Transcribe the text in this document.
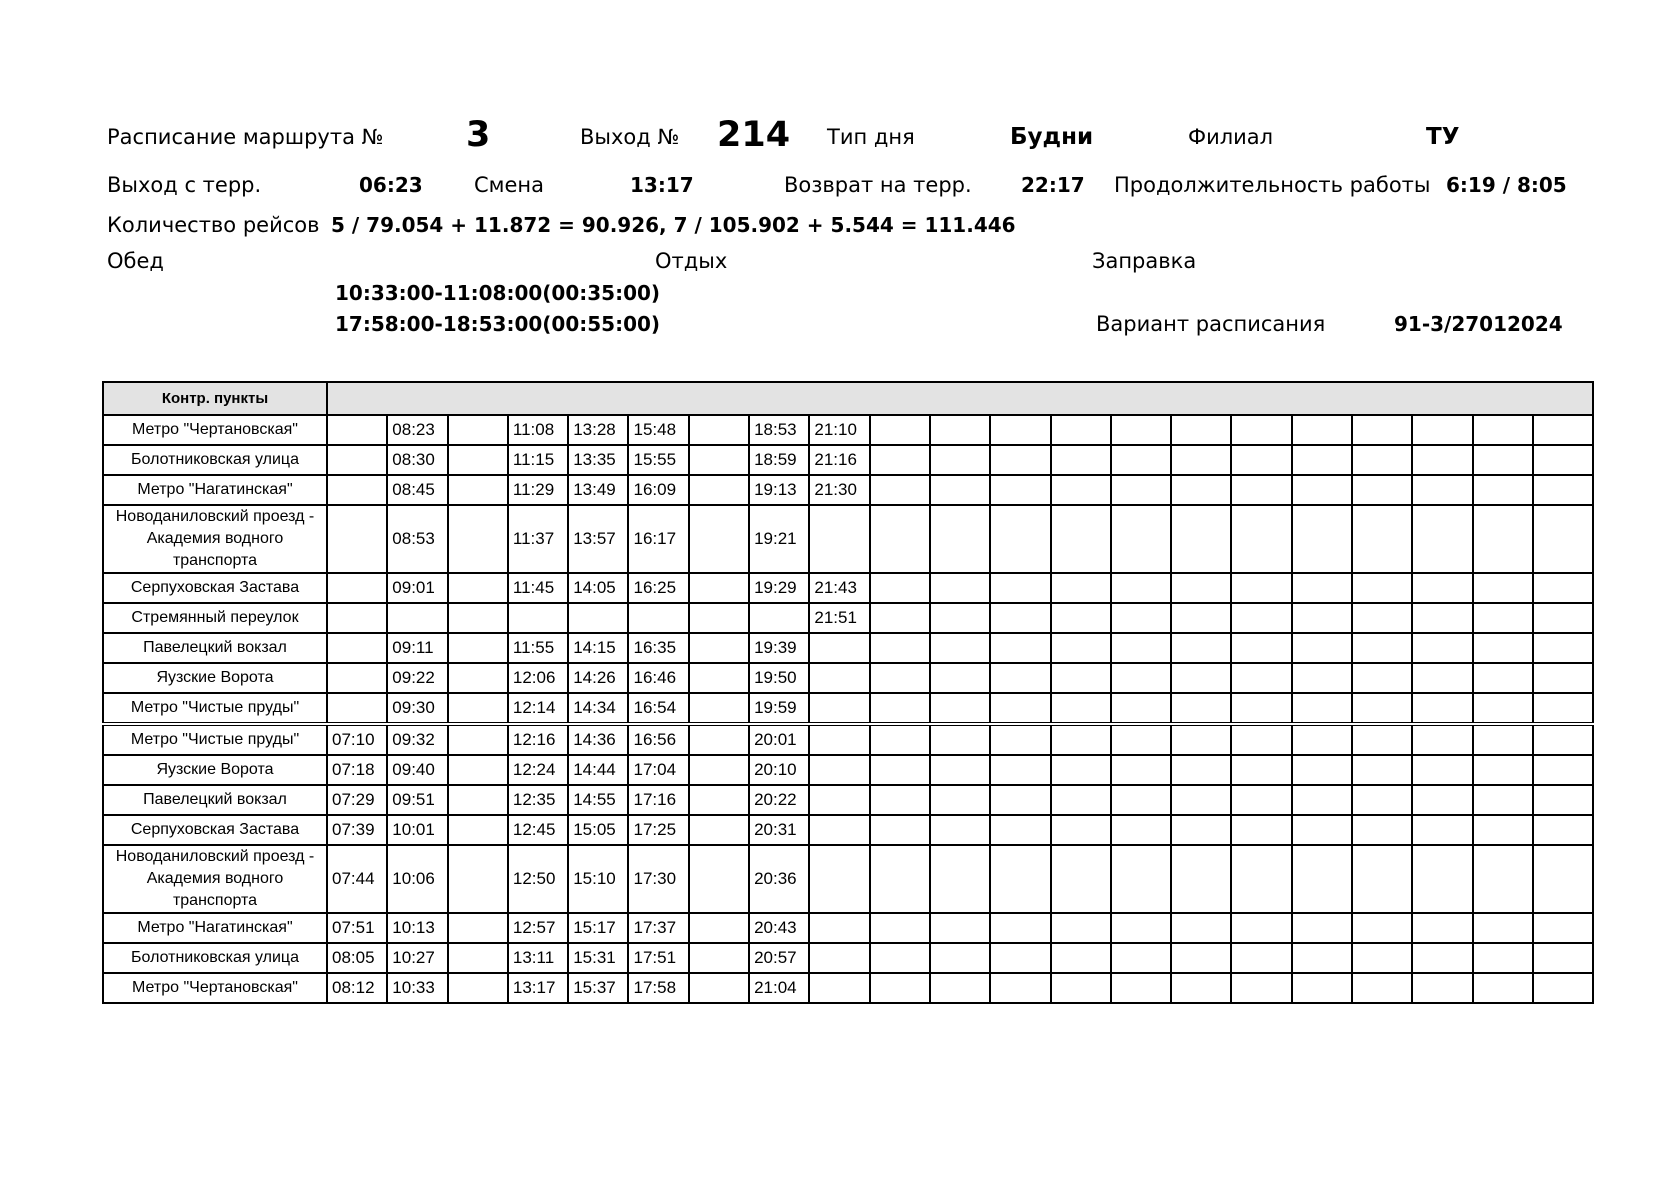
Расписание маршрута № 3	Выход № 214 Тип дня	Будни	Филиал	ТУ
Выход с терр.	06:23 Смена	13:17	Возврат на терр. 22:17 Продолжительность работы 6:19 / 8:05
Количество рейсов 5 / 79.054 + 11.872 = 90.926, 7 / 105.902 + 5.544 = 111.446
Обед	Отдых	Заправка
10:33:00-11:08:00(00:35:00)
17:58:00-18:53:00(00:55:00)	Вариант расписания	91-3/27012024
Контр. пункты																					
Метро "Чертановская"		08:23		11:08	13:28	15:48		18:53	21:10												
Болотниковская улица		08:30		11:15	13:35	15:55		18:59	21:16												
Метро "Нагатинская"		08:45		11:29	13:49	16:09		19:13	21:30												
Новоданиловский проезд - Академия водного транспорта		08:53		11:37	13:57	16:17		19:21													
Серпуховская Застава		09:01		11:45	14:05	16:25		19:29	21:43												
Стремянный переулок									21:51												
Павелецкий вокзал		09:11		11:55	14:15	16:35		19:39													
Яузские Ворота		09:22		12:06	14:26	16:46		19:50													
Метро "Чистые пруды"		09:30		12:14	14:34	16:54		19:59													
Метро "Чистые пруды"	07:10	09:32		12:16	14:36	16:56		20:01													
Яузские Ворота	07:18	09:40		12:24	14:44	17:04		20:10													
Павелецкий вокзал	07:29	09:51		12:35	14:55	17:16		20:22													
Серпуховская Застава	07:39	10:01		12:45	15:05	17:25		20:31													
Новоданиловский проезд - Академия водного транспорта	07:44	10:06		12:50	15:10	17:30		20:36													
Метро "Нагатинская"	07:51	10:13		12:57	15:17	17:37		20:43													
Болотниковская улица	08:05	10:27		13:11	15:31	17:51		20:57													
Метро "Чертановская"	08:12	10:33		13:17	15:37	17:58		21:04													
